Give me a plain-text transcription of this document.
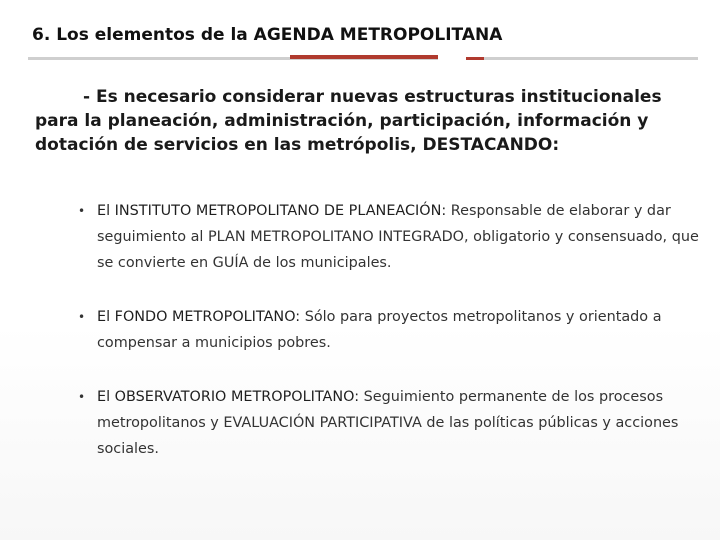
6. Los elementos de la AGENDA METROPOLITANA

- Es necesario considerar nuevas estructuras institucionales para la planeación, administración, participación, información y dotación de servicios en las metrópolis, DESTACANDO:

• El INSTITUTO METROPOLITANO DE PLANEACIÓN: Responsable de elaborar y dar seguimiento al PLAN METROPOLITANO INTEGRADO, obligatorio y consensuado, que se convierte en GUÍA de los municipales.
• El FONDO METROPOLITANO: Sólo para proyectos metropolitanos y orientado a compensar a municipios pobres.
• El OBSERVATORIO METROPOLITANO: Seguimiento permanente de los procesos metropolitanos y EVALUACIÓN PARTICIPATIVA de las políticas públicas y acciones sociales.
